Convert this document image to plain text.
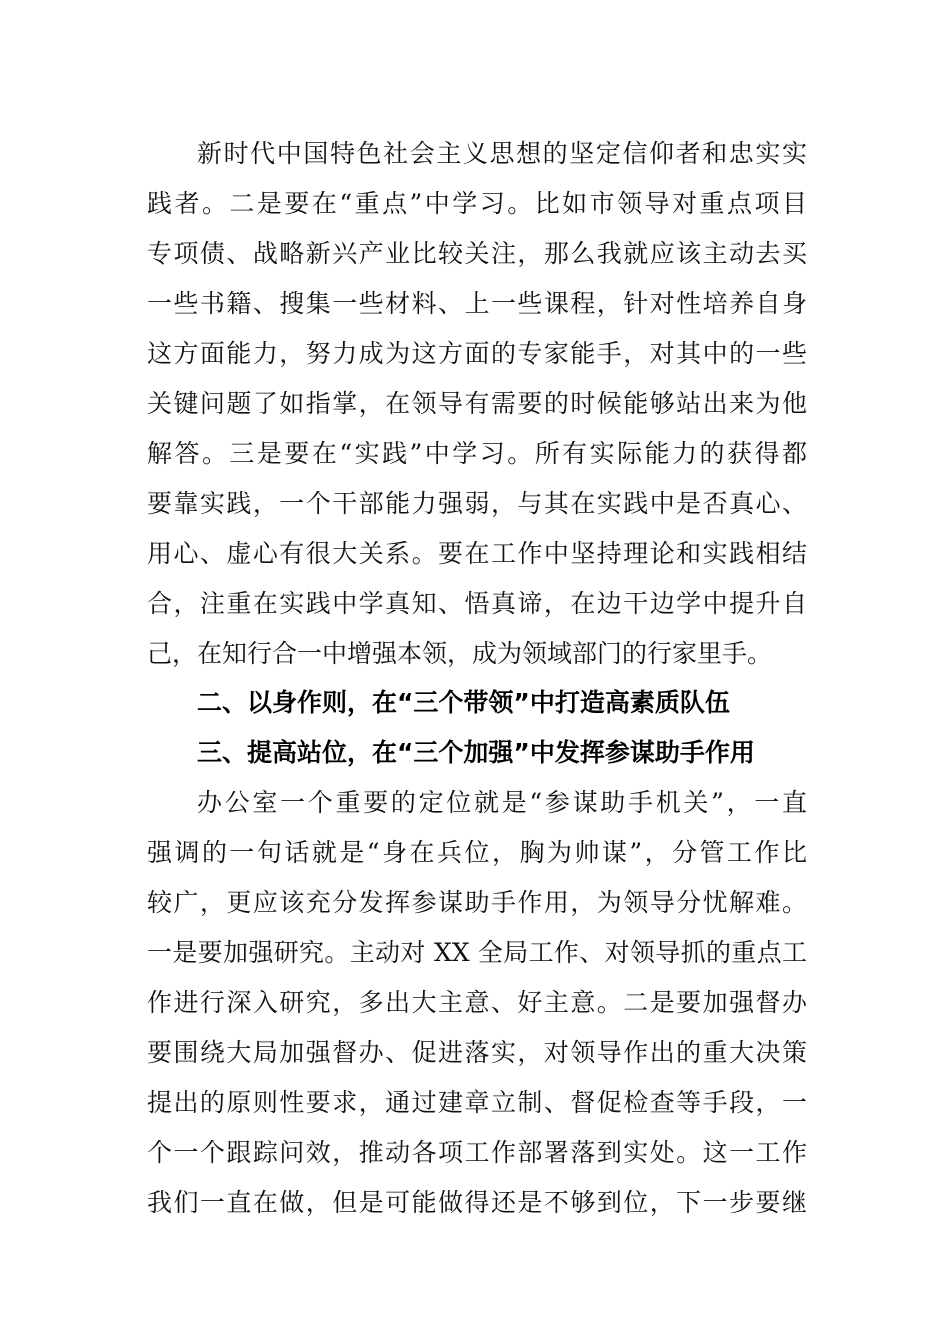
新时代中国特色社会主义思想的坚定信仰者和忠实实
践者。二是要在“重点”中学习。比如市领导对重点项目
专项债、战略新兴产业比较关注，那么我就应该主动去买
一些书籍、搜集一些材料、上一些课程，针对性培养自身
这方面能力，努力成为这方面的专家能手，对其中的一些
关键问题了如指掌，在领导有需要的时候能够站出来为他
解答。三是要在“实践”中学习。所有实际能力的获得都
要靠实践，一个干部能力强弱，与其在实践中是否真心、
用心、虚心有很大关系。要在工作中坚持理论和实践相结
合，注重在实践中学真知、悟真谛，在边干边学中提升自
己，在知行合一中增强本领，成为领域部门的行家里手。
二、以身作则，在“三个带领”中打造高素质队伍
三、提高站位，在“三个加强”中发挥参谋助手作用
办公室一个重要的定位就是“参谋助手机关”，一直
强调的一句话就是“身在兵位，胸为帅谋”，分管工作比
较广，更应该充分发挥参谋助手作用，为领导分忧解难。
一是要加强研究。主动对 XX 全局工作、对领导抓的重点工
作进行深入研究，多出大主意、好主意。二是要加强督办
要围绕大局加强督办、促进落实，对领导作出的重大决策
提出的原则性要求，通过建章立制、督促检查等手段，一
个一个跟踪问效，推动各项工作部署落到实处。这一工作
我们一直在做，但是可能做得还是不够到位，下一步要继
